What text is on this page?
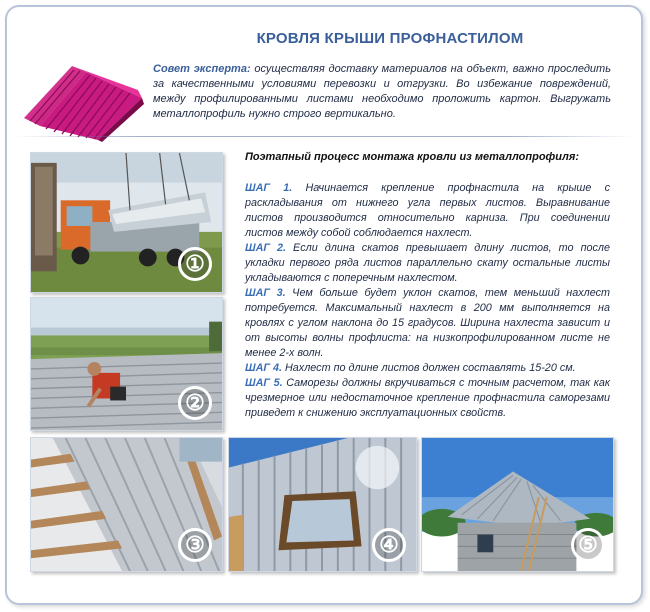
КРОВЛЯ КРЫШИ ПРОФНАСТИЛОМ
Совет эксперта: осуществляя доставку материалов на объект, важно проследить за качественными условиями перевозки и отгрузки. Во избежание повреждений, между профилированными листами необходимо проложить картон. Выгружать металлопрофиль нужно строго вертикально.
Поэтапный процесс монтажа кровли из металлопрофиля:
ШАГ 1. Начинается крепление профнастила на крыше с раскладывания от нижнего угла первых листов. Выравнивание листов производится относительно карниза. При соединении листов между собой соблюдается нахлест.
ШАГ 2. Если длина скатов превышает длину листов, то после укладки первого ряда листов параллельно скату остальные листы укладываются с поперечным нахлестом.
ШАГ 3. Чем больше будет уклон скатов, тем меньший нахлест потребуется. Максимальный нахлест в 200 мм выполняется на кровлях с углом наклона до 15 градусов. Ширина нахлеста зависит и от высоты волны профлиста: на низкопрофилированном листе не менее 2-х волн.
ШАГ 4. Нахлест по длине листов должен составлять 15-20 см.
ШАГ 5. Саморезы должны вкручиваться с точным расчетом, так как чрезмерное или недостаточное крепление профнастила саморезами приведет к снижению эксплуатационных свойств.
①
②
③	④	⑤
